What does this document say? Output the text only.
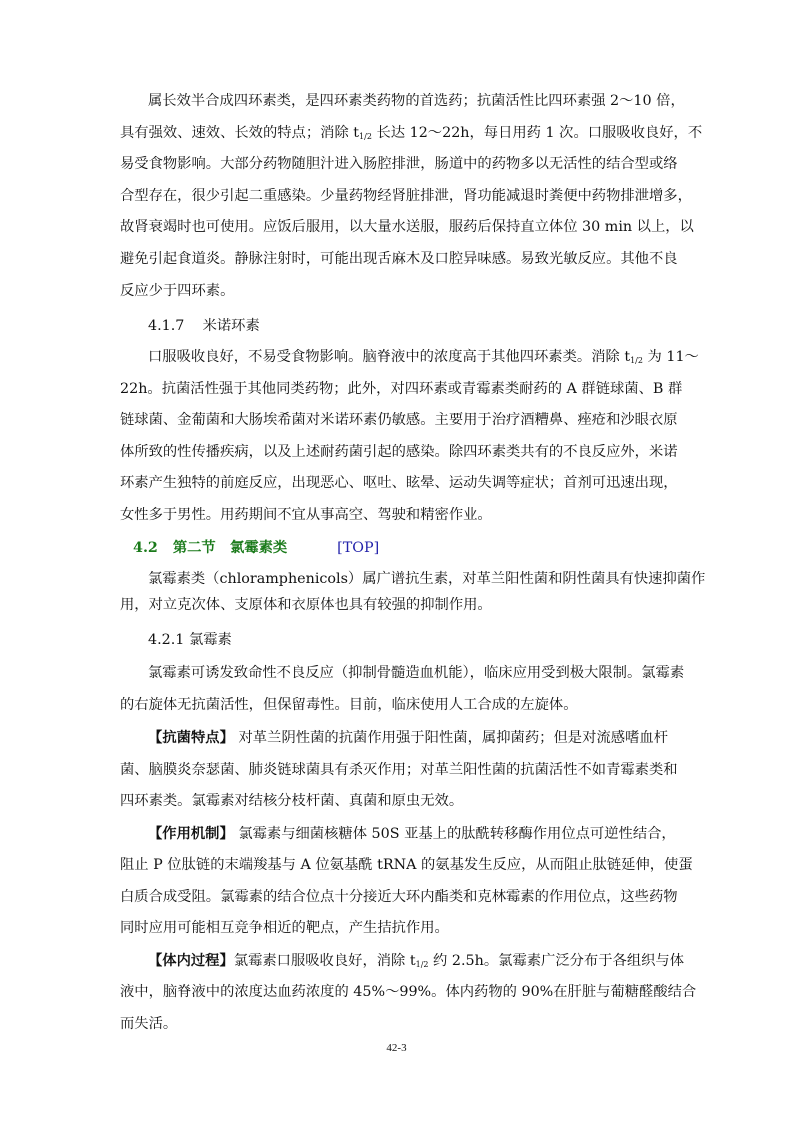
4.1.7 米诺环素
4.2 第二节　氯霉素类	[TOP]
4.2.1 氯霉素
42-3
属长效半合成四环素类，是四环素类药物的首选药；抗菌活性比四环素强 2～10 倍，
具有强效、速效、长效的特点；消除 $t_{1/2}$ 长达 12～22h，每日用药 1 次。口服吸收良好，不
易受食物影响。大部分药物随胆汁进入肠腔排泄，肠道中的药物多以无活性的结合型或络
合型存在，很少引起二重感染。少量药物经肾脏排泄，肾功能减退时粪便中药物排泄增多，
故肾衰竭时也可使用。应饭后服用，以大量水送服，服药后保持直立体位 30 min 以上，以
避免引起食道炎。静脉注射时，可能出现舌麻木及口腔异味感。易致光敏反应。其他不良
反应少于四环素。
口服吸收良好，不易受食物影响。脑脊液中的浓度高于其他四环素类。消除 $t_{1/2}$ 为 11～
22h。抗菌活性强于其他同类药物；此外，对四环素或青霉素类耐药的 A 群链球菌、B 群
链球菌、金葡菌和大肠埃希菌对米诺环素仍敏感。主要用于治疗酒糟鼻、痤疮和沙眼衣原
体所致的性传播疾病，以及上述耐药菌引起的感染。除四环素类共有的不良反应外，米诺
环素产生独特的前庭反应，出现恶心、呕吐、眩晕、运动失调等症状；首剂可迅速出现，
女性多于男性。用药期间不宜从事高空、驾驶和精密作业。
氯霉素类（chloramphenicols）属广谱抗生素，对革兰阳性菌和阴性菌具有快速抑菌作
用，对立克次体、支原体和衣原体也具有较强的抑制作用。
氯霉素可诱发致命性不良反应（抑制骨髓造血机能），临床应用受到极大限制。氯霉素
的右旋体无抗菌活性，但保留毒性。目前，临床使用人工合成的左旋体。
【抗菌特点】 对革兰阴性菌的抗菌作用强于阳性菌，属抑菌药；但是对流感嗜血杆
菌、脑膜炎奈瑟菌、肺炎链球菌具有杀灭作用；对革兰阳性菌的抗菌活性不如青霉素类和
四环素类。氯霉素对结核分枝杆菌、真菌和原虫无效。
【作用机制】 氯霉素与细菌核糖体 50S 亚基上的肽酰转移酶作用位点可逆性结合，
阻止 P 位肽链的末端羧基与 A 位氨基酰 tRNA 的氨基发生反应，从而阻止肽链延伸，使蛋
白质合成受阻。氯霉素的结合位点十分接近大环内酯类和克林霉素的作用位点，这些药物
同时应用可能相互竞争相近的靶点，产生拮抗作用。
【体内过程】氯霉素口服吸收良好，消除 $t_{1/2}$ 约 2.5h。氯霉素广泛分布于各组织与体
液中，脑脊液中的浓度达血药浓度的 45%～99%。体内药物的 90%在肝脏与葡糖醛酸结合
而失活。
